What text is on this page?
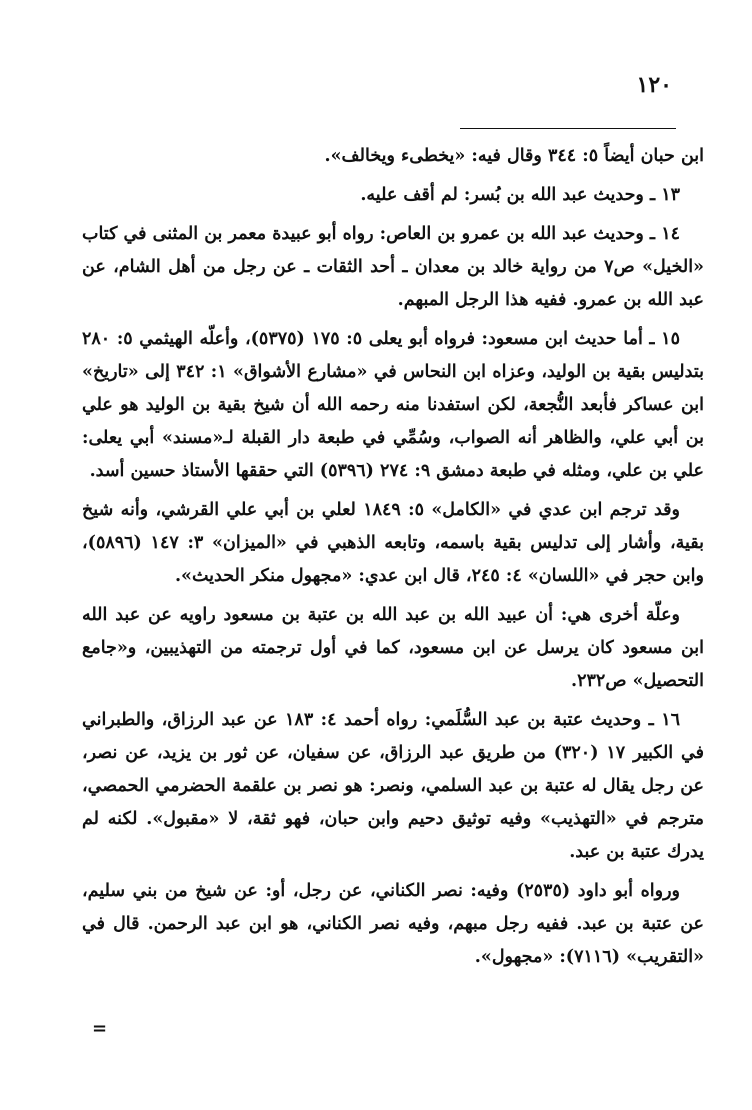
١٢٠

ابن حبان أيضاً ٥: ٣٤٤ وقال فيه: «يخطىء ويخالف».

١٣ ـ وحديث عبد الله بن بُسر: لم أقف عليه.

١٤ ـ وحديث عبد الله بن عمرو بن العاص: رواه أبو عبيدة معمر بن المثنى في كتاب «الخيل» ص٧ من رواية خالد بن معدان ـ أحد الثقات ـ عن رجل من أهل الشام، عن عبد الله بن عمرو. ففيه هذا الرجل المبهم.

١٥ ـ أما حديث ابن مسعود: فرواه أبو يعلى ٥: ١٧٥ (٥٣٧٥)، وأعلّه الهيثمي ٥: ٢٨٠ بتدليس بقية بن الوليد، وعزاه ابن النحاس في «مشارع الأشواق» ١: ٣٤٢ إلى «تاريخ» ابن عساكر فأبعد النُّجعة، لكن استفدنا منه رحمه الله أن شيخ بقية بن الوليد هو علي بن أبي علي، والظاهر أنه الصواب، وسُمِّي في طبعة دار القبلة لـ«مسند» أبي يعلى: علي بن علي، ومثله في طبعة دمشق ٩: ٢٧٤ (٥٣٩٦) التي حققها الأستاذ حسين أسد.

وقد ترجم ابن عدي في «الكامل» ٥: ١٨٤٩ لعلي بن أبي علي القرشي، وأنه شيخ بقية، وأشار إلى تدليس بقية باسمه، وتابعه الذهبي في «الميزان» ٣: ١٤٧ (٥٨٩٦)، وابن حجر في «اللسان» ٤: ٢٤٥، قال ابن عدي: «مجهول منكر الحديث».

وعلّة أخرى هي: أن عبيد الله بن عبد الله بن عتبة بن مسعود راويه عن عبد الله ابن مسعود كان يرسل عن ابن مسعود، كما في أول ترجمته من التهذيبين، و«جامع التحصيل» ص٢٣٢.

١٦ ـ وحديث عتبة بن عبد السُّلَمي: رواه أحمد ٤: ١٨٣ عن عبد الرزاق، والطبراني في الكبير ١٧ (٣٢٠) من طريق عبد الرزاق، عن سفيان، عن ثور بن يزيد، عن نصر، عن رجل يقال له عتبة بن عبد السلمي، ونصر: هو نصر بن علقمة الحضرمي الحمصي، مترجم في «التهذيب» وفيه توثيق دحيم وابن حبان، فهو ثقة، لا «مقبول». لكنه لم يدرك عتبة بن عبد.

ورواه أبو داود (٢٥٣٥) وفيه: نصر الكناني، عن رجل، أو: عن شيخ من بني سليم، عن عتبة بن عبد. ففيه رجل مبهم، وفيه نصر الكناني، هو ابن عبد الرحمن. قال في «التقريب» (٧١١٦): «مجهول».

=
